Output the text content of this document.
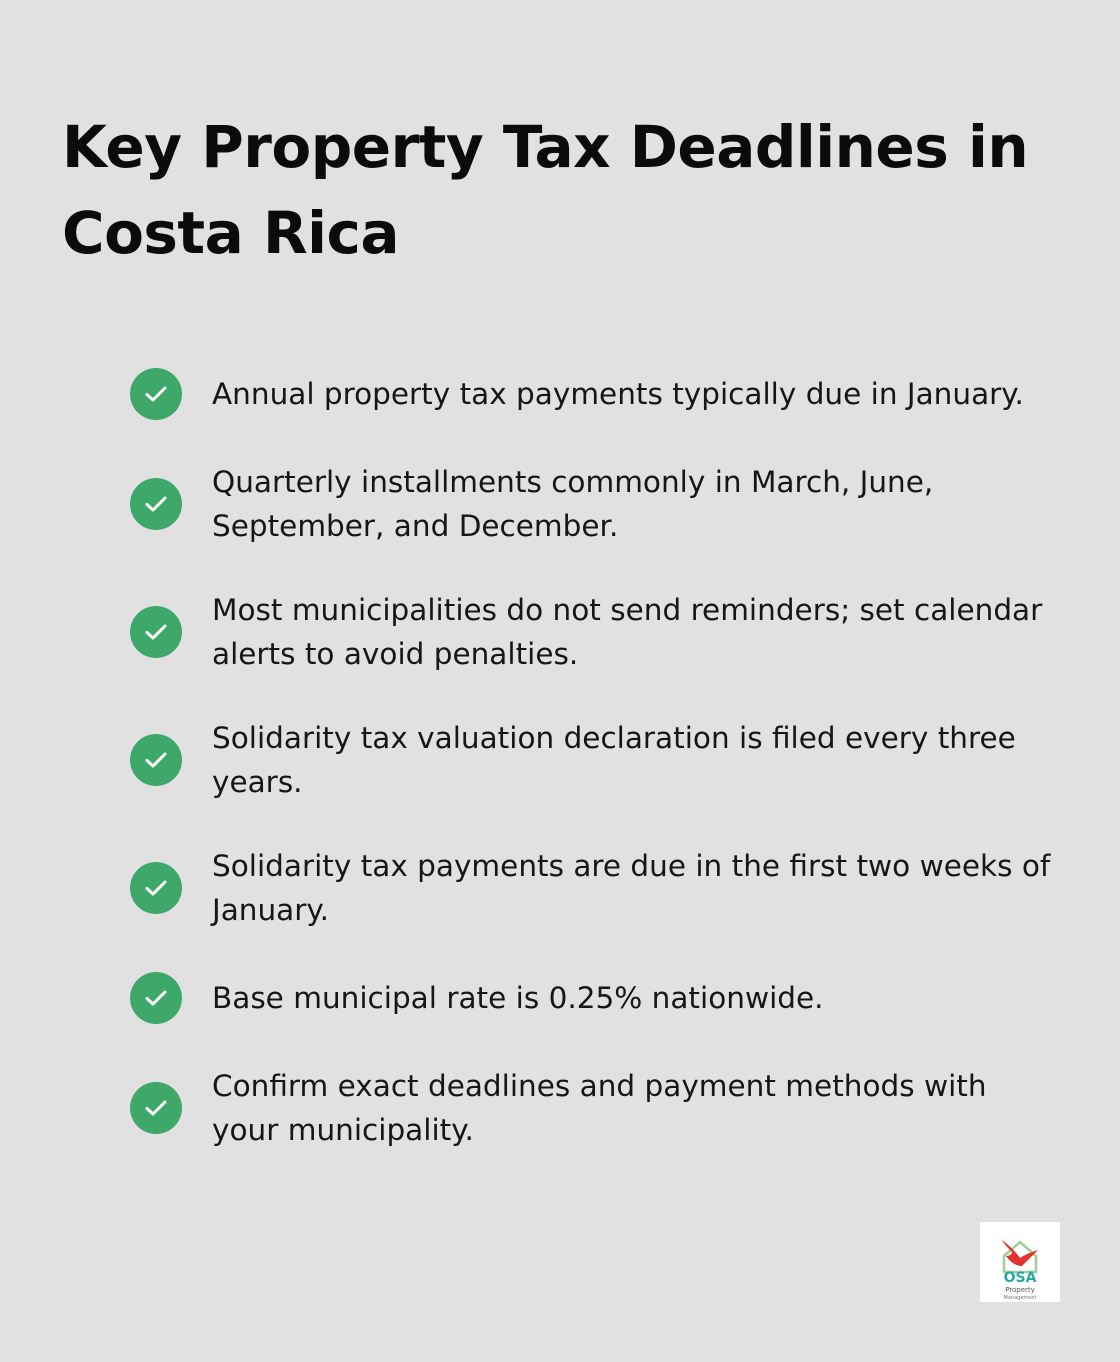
Key Property Tax Deadlines in Costa Rica

Annual property tax payments typically due in January.

Quarterly installments commonly in March, June, September, and December.

Most municipalities do not send reminders; set calendar alerts to avoid penalties.

Solidarity tax valuation declaration is filed every three years.

Solidarity tax payments are due in the first two weeks of January.

Base municipal rate is 0.25% nationwide.

Confirm exact deadlines and payment methods with your municipality.

OSA
Property
Management
